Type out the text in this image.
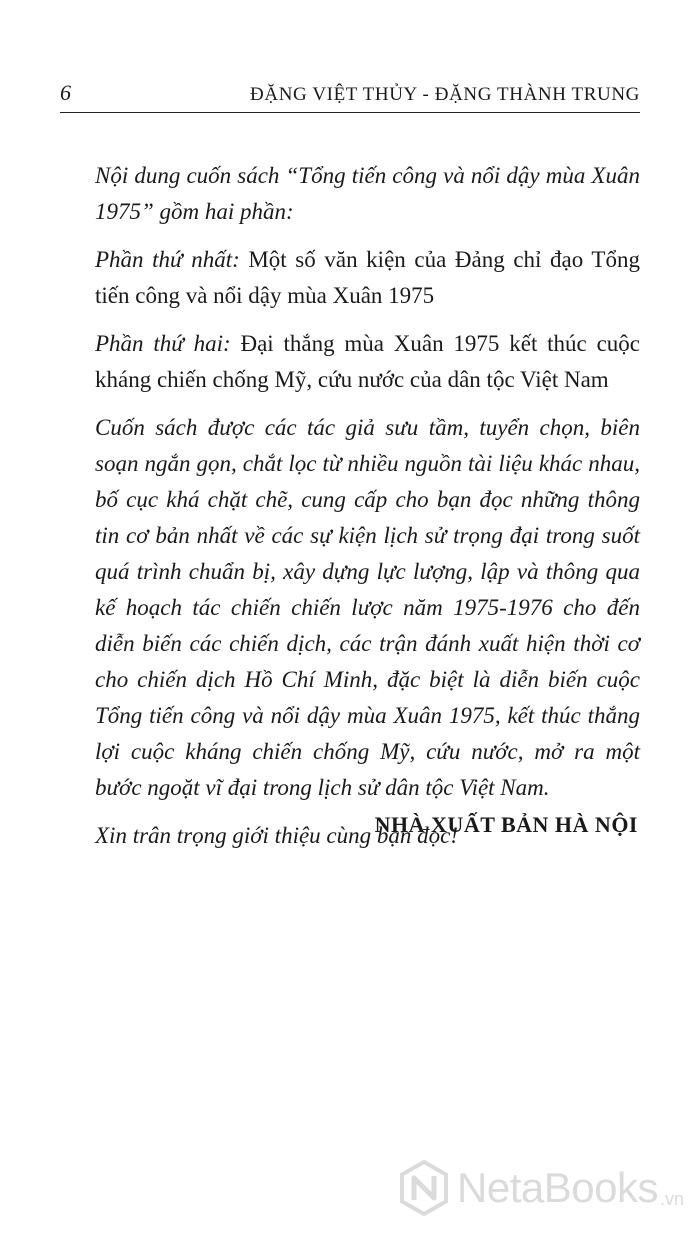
6	ĐẶNG VIỆT THỦY - ĐẶNG THÀNH TRUNG

Nội dung cuốn sách “Tổng tiến công và nổi dậy mùa Xuân 1975” gồm hai phần:

Phần thứ nhất: Một số văn kiện của Đảng chỉ đạo Tổng tiến công và nổi dậy mùa Xuân 1975

Phần thứ hai: Đại thắng mùa Xuân 1975 kết thúc cuộc kháng chiến chống Mỹ, cứu nước của dân tộc Việt Nam

Cuốn sách được các tác giả sưu tầm, tuyển chọn, biên soạn ngắn gọn, chắt lọc từ nhiều nguồn tài liệu khác nhau, bố cục khá chặt chẽ, cung cấp cho bạn đọc những thông tin cơ bản nhất về các sự kiện lịch sử trọng đại trong suốt quá trình chuẩn bị, xây dựng lực lượng, lập và thông qua kế hoạch tác chiến chiến lược năm 1975-1976 cho đến diễn biến các chiến dịch, các trận đánh xuất hiện thời cơ cho chiến dịch Hồ Chí Minh, đặc biệt là diễn biến cuộc Tổng tiến công và nổi dậy mùa Xuân 1975, kết thúc thắng lợi cuộc kháng chiến chống Mỹ, cứu nước, mở ra một bước ngoặt vĩ đại trong lịch sử dân tộc Việt Nam.

Xin trân trọng giới thiệu cùng bạn đọc!

NHÀ XUẤT BẢN HÀ NỘI
NetaBooks .vn
